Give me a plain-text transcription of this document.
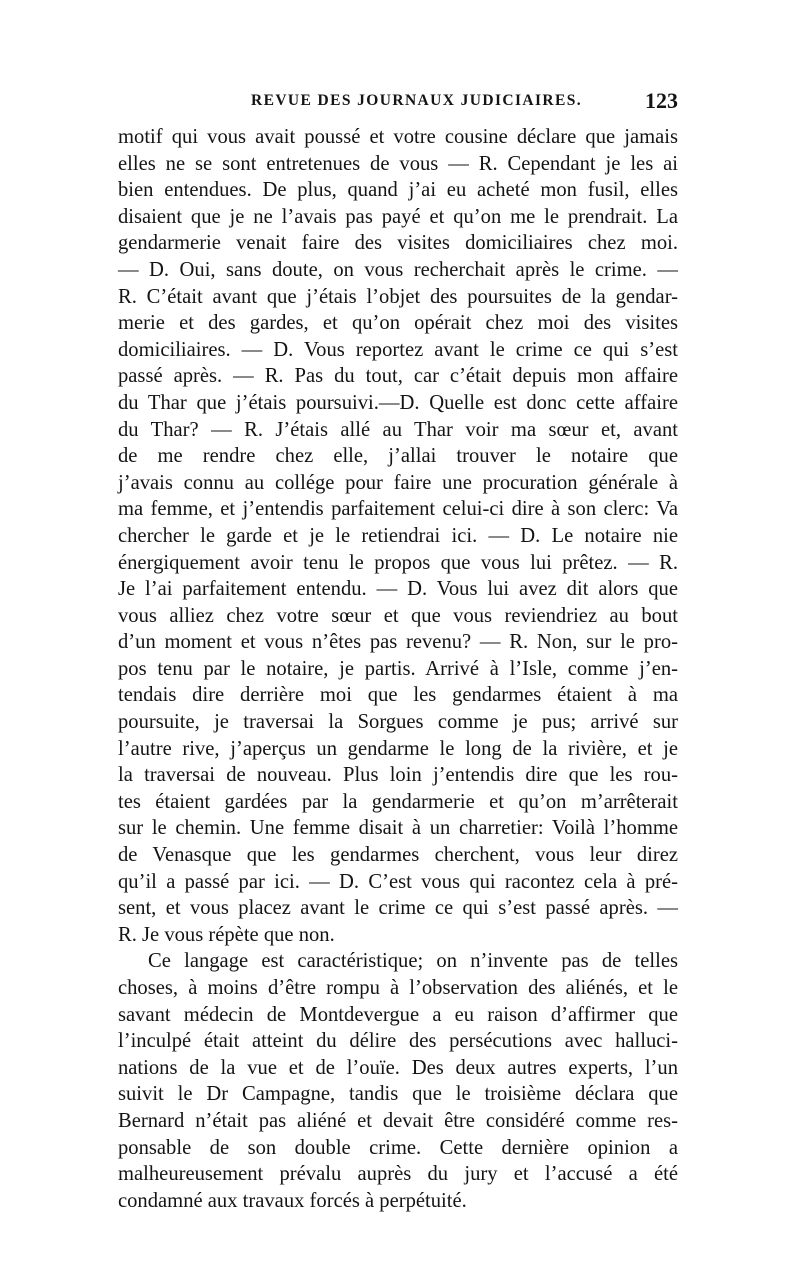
REVUE DES JOURNAUX JUDICIAIRES.	123
motif qui vous avait poussé et votre cousine déclare que jamais
elles ne se sont entretenues de vous — R. Cependant je les ai
bien entendues. De plus, quand j’ai eu acheté mon fusil, elles
disaient que je ne l’avais pas payé et qu’on me le prendrait. La
gendarmerie venait faire des visites domiciliaires chez moi.
— D. Oui, sans doute, on vous recherchait après le crime. —
R. C’était avant que j’étais l’objet des poursuites de la gendar-
merie et des gardes, et qu’on opérait chez moi des visites
domiciliaires. — D. Vous reportez avant le crime ce qui s’est
passé après. — R. Pas du tout, car c’était depuis mon affaire
du Thar que j’étais poursuivi.—D. Quelle est donc cette affaire
du Thar? — R. J’étais allé au Thar voir ma sœur et, avant
de me rendre chez elle, j’allai trouver le notaire que
j’avais connu au collége pour faire une procuration générale à
ma femme, et j’entendis parfaitement celui-ci dire à son clerc: Va
chercher le garde et je le retiendrai ici. — D. Le notaire nie
énergiquement avoir tenu le propos que vous lui prêtez. — R.
Je l’ai parfaitement entendu. — D. Vous lui avez dit alors que
vous alliez chez votre sœur et que vous reviendriez au bout
d’un moment et vous n’êtes pas revenu? — R. Non, sur le pro-
pos tenu par le notaire, je partis. Arrivé à l’Isle, comme j’en-
tendais dire derrière moi que les gendarmes étaient à ma
poursuite, je traversai la Sorgues comme je pus; arrivé sur
l’autre rive, j’aperçus un gendarme le long de la rivière, et je
la traversai de nouveau. Plus loin j’entendis dire que les rou-
tes étaient gardées par la gendarmerie et qu’on m’arrêterait
sur le chemin. Une femme disait à un charretier: Voilà l’homme
de Venasque que les gendarmes cherchent, vous leur direz
qu’il a passé par ici. — D. C’est vous qui racontez cela à pré-
sent, et vous placez avant le crime ce qui s’est passé après. —
R. Je vous répète que non.
Ce langage est caractéristique; on n’invente pas de telles
choses, à moins d’être rompu à l’observation des aliénés, et le
savant médecin de Montdevergue a eu raison d’affirmer que
l’inculpé était atteint du délire des persécutions avec halluci-
nations de la vue et de l’ouïe. Des deux autres experts, l’un
suivit le Dr Campagne, tandis que le troisième déclara que
Bernard n’était pas aliéné et devait être considéré comme res-
ponsable de son double crime. Cette dernière opinion a
malheureusement prévalu auprès du jury et l’accusé a été
condamné aux travaux forcés à perpétuité.
